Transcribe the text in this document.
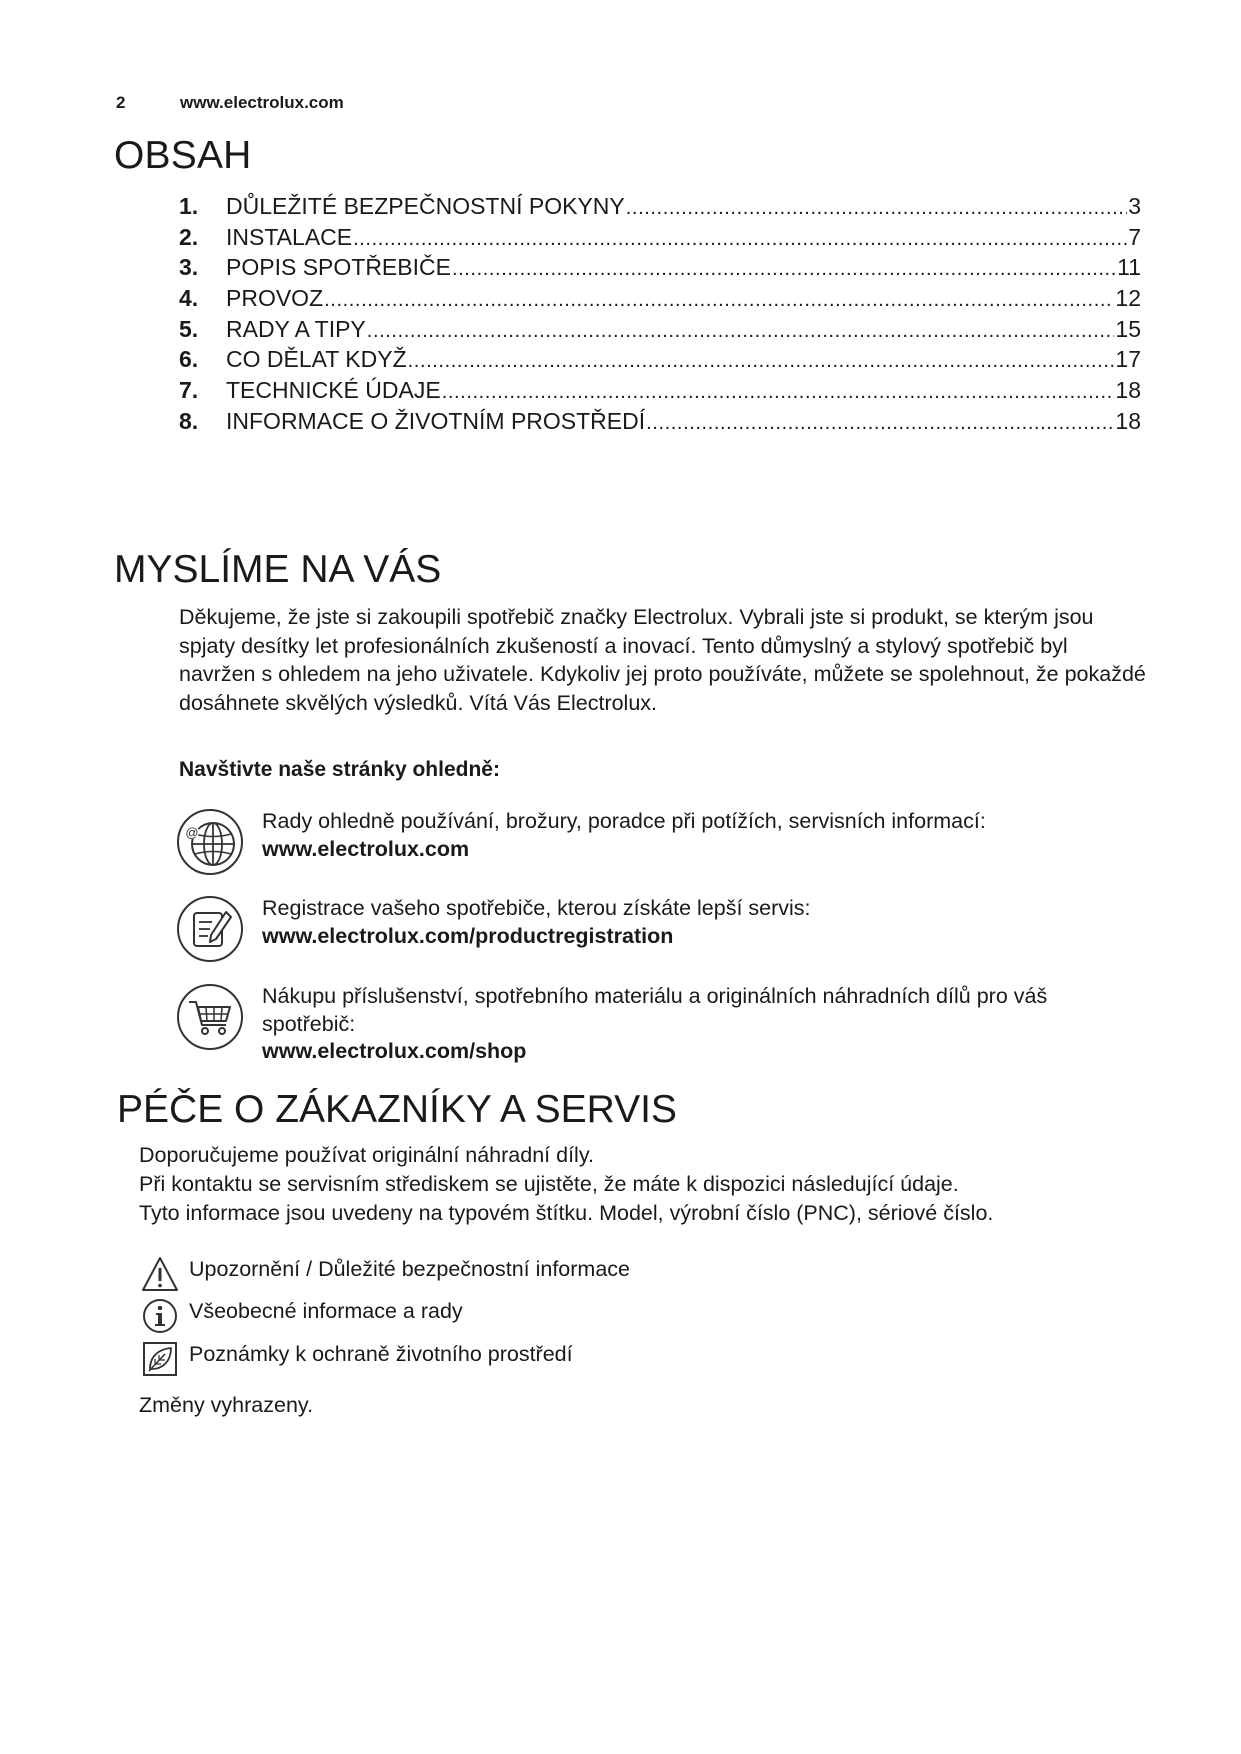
2	www.electrolux.com
OBSAH
1.	DŮLEŽITÉ BEZPEČNOSTNÍ POKYNY .....	3
2.	INSTALACE .....	7
3.	POPIS SPOTŘEBIČE .....	11
4.	PROVOZ .....	12
5.	RADY A TIPY .....	15
6.	CO DĚLAT KDYŽ .....	17
7.	TECHNICKÉ ÚDAJE .....	18
8.	INFORMACE O ŽIVOTNÍM PROSTŘEDÍ .....	18
MYSLÍME NA VÁS
Děkujeme, že jste si zakoupili spotřebič značky Electrolux. Vybrali jste si produkt, se kterým jsou spjaty desítky let profesionálních zkušeností a inovací. Tento důmyslný a stylový spotřebič byl navržen s ohledem na jeho uživatele. Kdykoliv jej proto používáte, můžete se spolehnout, že pokaždé dosáhnete skvělých výsledků. Vítá Vás Electrolux.
Navštivte naše stránky ohledně:
@	Rady ohledně používání, brožury, poradce při potížích, servisních informací:
www.electrolux.com
Registrace vašeho spotřebiče, kterou získáte lepší servis:
www.electrolux.com/productregistration
Nákupu příslušenství, spotřebního materiálu a originálních náhradních dílů pro váš spotřebič:
www.electrolux.com/shop
PÉČE O ZÁKAZNÍKY A SERVIS
Doporučujeme používat originální náhradní díly.
Při kontaktu se servisním střediskem se ujistěte, že máte k dispozici následující údaje.
Tyto informace jsou uvedeny na typovém štítku. Model, výrobní číslo (PNC), sériové číslo.
Upozornění / Důležité bezpečnostní informace
Všeobecné informace a rady
Poznámky k ochraně životního prostředí
Změny vyhrazeny.
